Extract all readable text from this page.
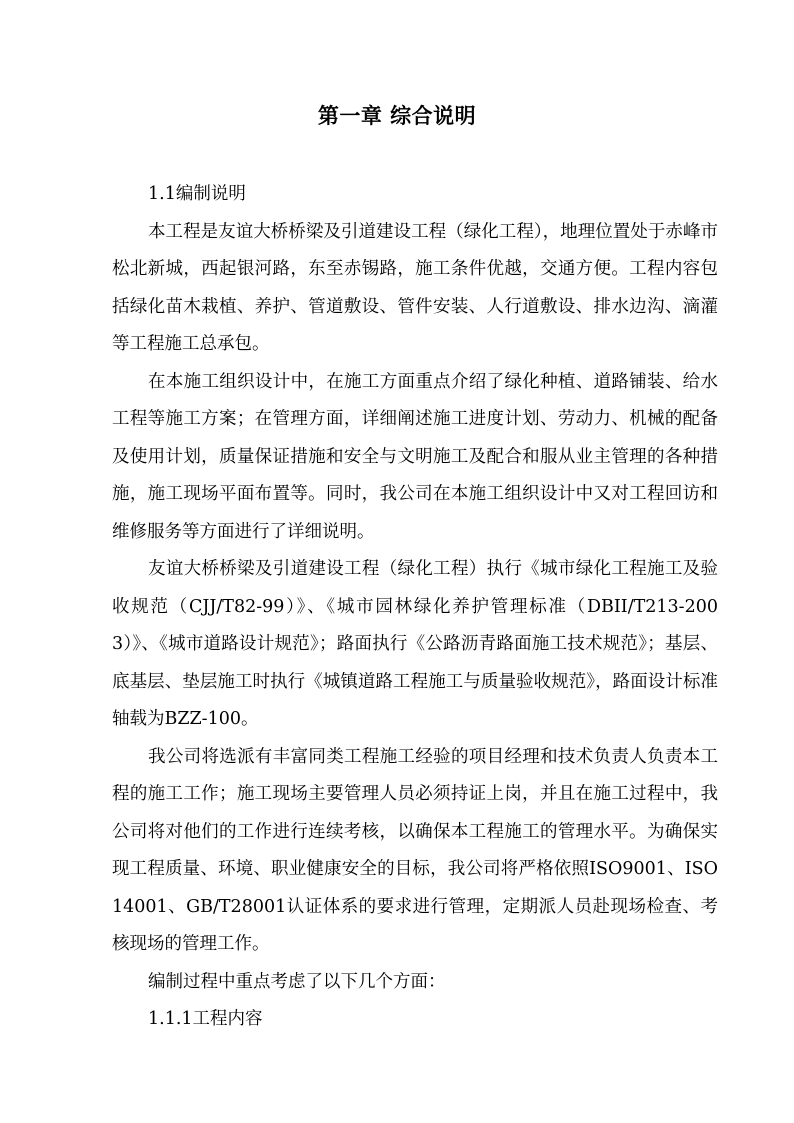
第一章 综合说明

1.1编制说明

本工程是友谊大桥桥梁及引道建设工程（绿化工程），地理位置处于赤峰市松北新城，西起银河路，东至赤锡路，施工条件优越，交通方便。工程内容包括绿化苗木栽植、养护、管道敷设、管件安装、人行道敷设、排水边沟、滴灌等工程施工总承包。

在本施工组织设计中，在施工方面重点介绍了绿化种植、道路铺装、给水工程等施工方案；在管理方面，详细阐述施工进度计划、劳动力、机械的配备及使用计划，质量保证措施和安全与文明施工及配合和服从业主管理的各种措施，施工现场平面布置等。同时，我公司在本施工组织设计中又对工程回访和维修服务等方面进行了详细说明。

友谊大桥桥梁及引道建设工程（绿化工程）执行《城市绿化工程施工及验收规范（CJJ/T82-99）》、《城市园林绿化养护管理标准（DBII/T213-2003）》、《城市道路设计规范》；路面执行《公路沥青路面施工技术规范》；基层、底基层、垫层施工时执行《城镇道路工程施工与质量验收规范》，路面设计标准轴载为BZZ-100。

我公司将选派有丰富同类工程施工经验的项目经理和技术负责人负责本工程的施工工作；施工现场主要管理人员必须持证上岗，并且在施工过程中，我公司将对他们的工作进行连续考核，以确保本工程施工的管理水平。为确保实现工程质量、环境、职业健康安全的目标，我公司将严格依照ISO9001、ISO14001、GB/T28001认证体系的要求进行管理，定期派人员赴现场检查、考核现场的管理工作。

编制过程中重点考虑了以下几个方面：

1.1.1工程内容
